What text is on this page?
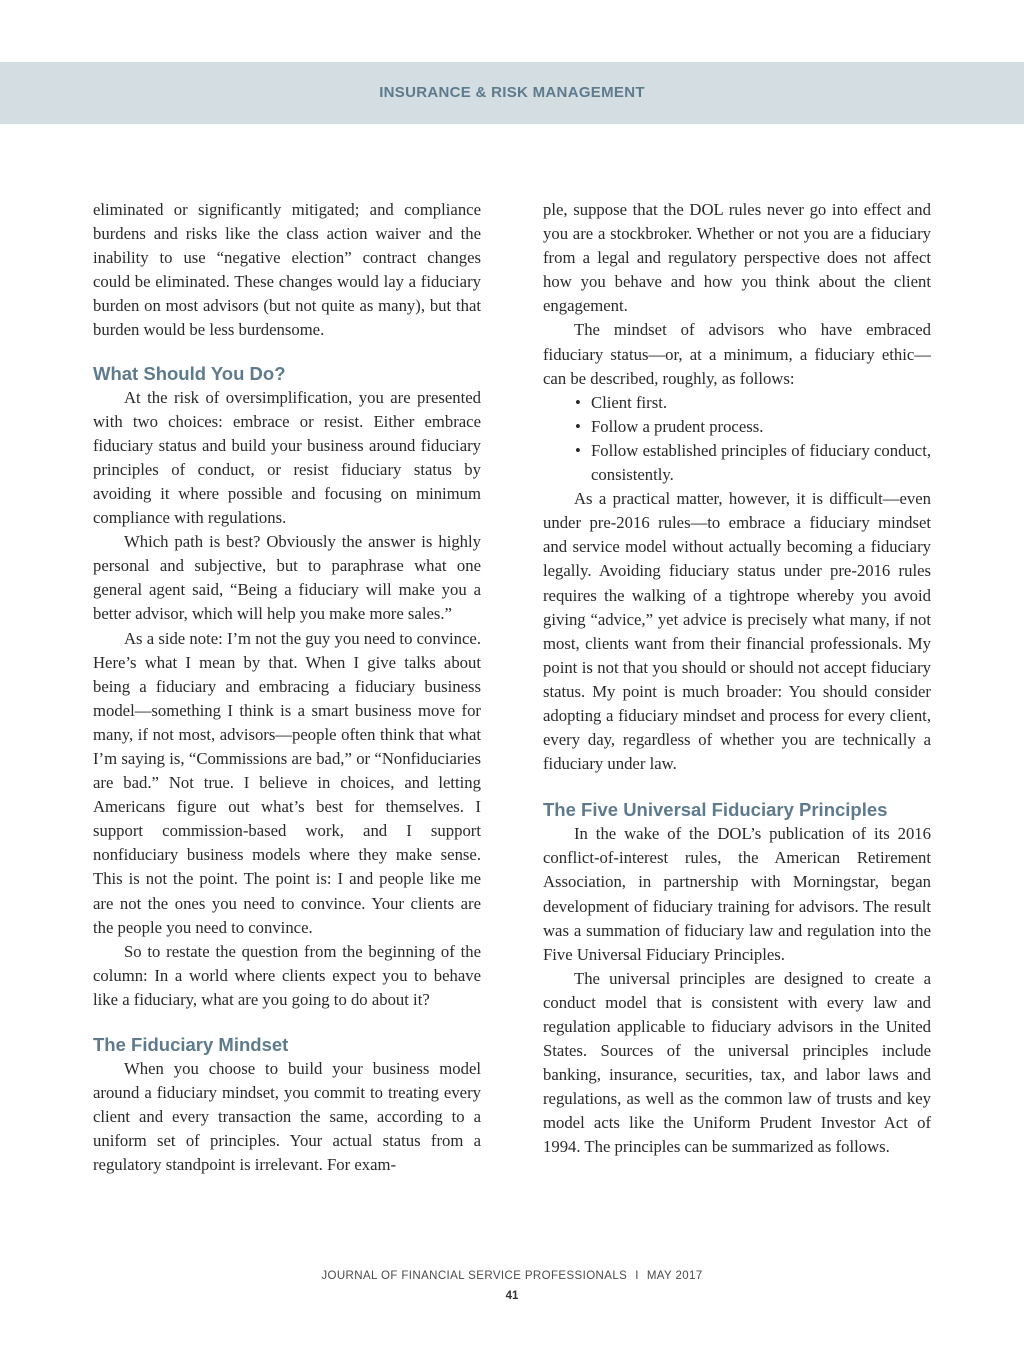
INSURANCE & RISK MANAGEMENT

eliminated or significantly mitigated; and compliance burdens and risks like the class action waiver and the inability to use “negative election” contract changes could be eliminated. These changes would lay a fiduciary burden on most advisors (but not quite as many), but that burden would be less burdensome.

What Should You Do?

At the risk of oversimplification, you are presented with two choices: embrace or resist. Either embrace fiduciary status and build your business around fiduciary principles of conduct, or resist fiduciary status by avoiding it where possible and focusing on minimum compliance with regulations.

Which path is best? Obviously the answer is highly personal and subjective, but to paraphrase what one general agent said, “Being a fiduciary will make you a better advisor, which will help you make more sales.”

As a side note: I’m not the guy you need to convince. Here’s what I mean by that. When I give talks about being a fiduciary and embracing a fiduciary business model—something I think is a smart business move for many, if not most, advisors—people often think that what I’m saying is, “Commissions are bad,” or “Nonfiduciaries are bad.” Not true. I believe in choices, and letting Americans figure out what’s best for themselves. I support commission-based work, and I support nonfiduciary business models where they make sense. This is not the point. The point is: I and people like me are not the ones you need to convince. Your clients are the people you need to convince.

So to restate the question from the beginning of the column: In a world where clients expect you to behave like a fiduciary, what are you going to do about it?

The Fiduciary Mindset

When you choose to build your business model around a fiduciary mindset, you commit to treating every client and every transaction the same, according to a uniform set of principles. Your actual status from a regulatory standpoint is irrelevant. For exam-

ple, suppose that the DOL rules never go into effect and you are a stockbroker. Whether or not you are a fiduciary from a legal and regulatory perspective does not affect how you behave and how you think about the client engagement.

The mindset of advisors who have embraced fiduciary status—or, at a minimum, a fiduciary ethic—can be described, roughly, as follows:

• Client first.
• Follow a prudent process.
• Follow established principles of fiduciary conduct, consistently.

As a practical matter, however, it is difficult—even under pre-2016 rules—to embrace a fiduciary mindset and service model without actually becoming a fiduciary legally. Avoiding fiduciary status under pre-2016 rules requires the walking of a tightrope whereby you avoid giving “advice,” yet advice is precisely what many, if not most, clients want from their financial professionals. My point is not that you should or should not accept fiduciary status. My point is much broader: You should consider adopting a fiduciary mindset and process for every client, every day, regardless of whether you are technically a fiduciary under law.

The Five Universal Fiduciary Principles

In the wake of the DOL’s publication of its 2016 conflict-of-interest rules, the American Retirement Association, in partnership with Morningstar, began development of fiduciary training for advisors. The result was a summation of fiduciary law and regulation into the Five Universal Fiduciary Principles.

The universal principles are designed to create a conduct model that is consistent with every law and regulation applicable to fiduciary advisors in the United States. Sources of the universal principles include banking, insurance, securities, tax, and labor laws and regulations, as well as the common law of trusts and key model acts like the Uniform Prudent Investor Act of 1994. The principles can be summarized as follows.

JOURNAL OF FINANCIAL SERVICE PROFESSIONALS I MAY 2017
41
